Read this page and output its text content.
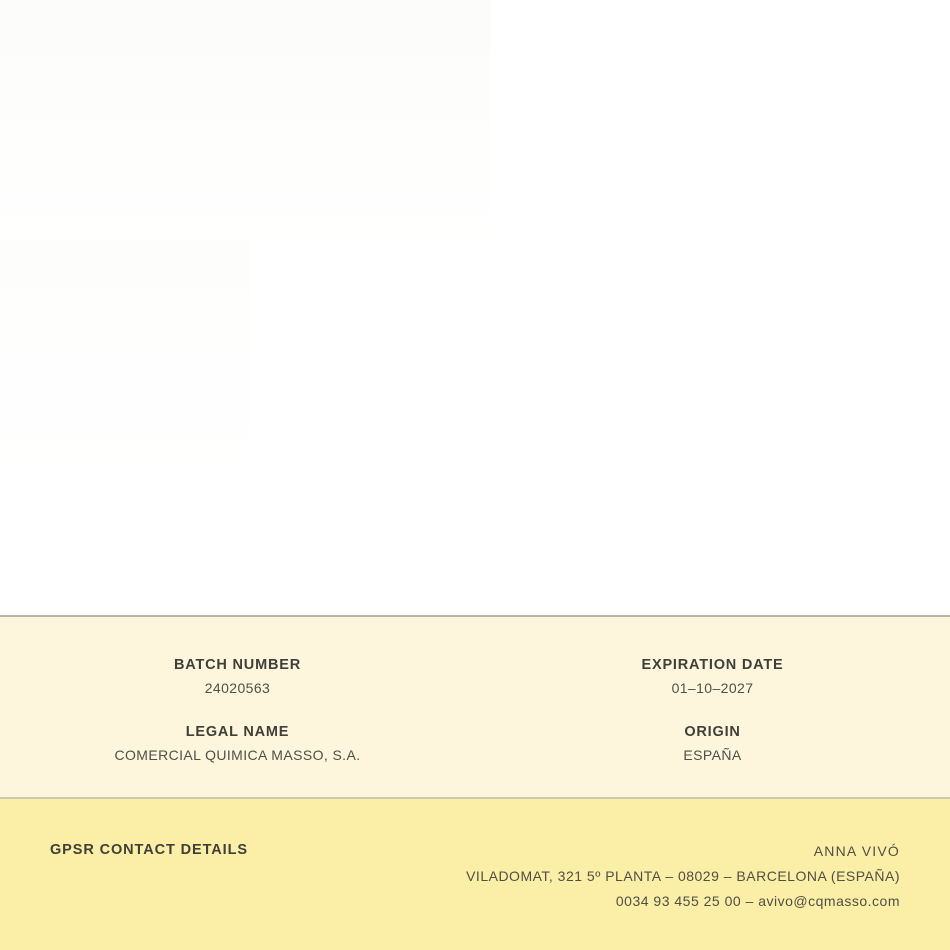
BATCH NUMBER
24020563
EXPIRATION DATE
01–10–2027
LEGAL NAME
COMERCIAL QUIMICA MASSO, S.A.
ORIGIN
ESPAÑA
GPSR CONTACT DETAILS	ANNA VIVÓ
VILADOMAT, 321 5º PLANTA – 08029 – BARCELONA (ESPAÑA)
0034 93 455 25 00 – avivo@cqmasso.com
